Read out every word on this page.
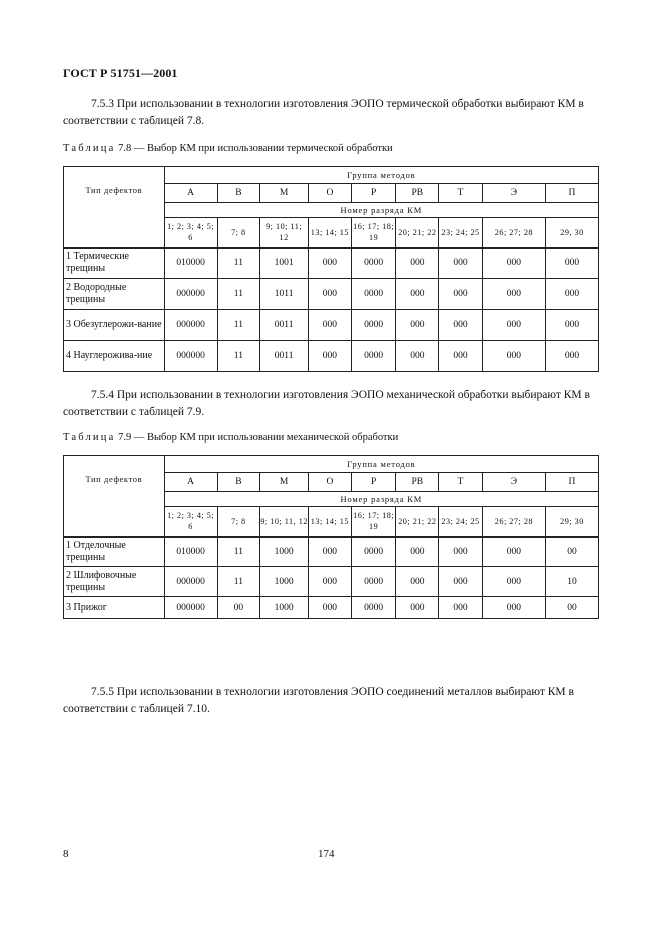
ГОСТ Р 51751—2001
7.5.3 При использовании в технологии изготовления ЭОПО термической обработки выбирают КМ в соответствии с таблицей 7.8.
Таблица 7.8 — Выбор КМ при использовании термической обработки
Тип дефектов	Группа методов								
	А	В	М	О	Р	РВ	Т	Э	П
	Номер разряда КМ								
	1; 2; 3; 4; 5; 6	7; 8	9; 10; 11; 12	13; 14; 15	16; 17; 18; 19	20; 21; 22	23; 24; 25	26; 27; 28	29, 30
1 Термические трещины	010000	11	1001	000	0000	000	000	000	000
2 Водородные трещины	000000	11	1011	000	0000	000	000	000	000
3 Обезуглерожи-вание	000000	11	0011	000	0000	000	000	000	000
4 Науглерожива-ние	000000	11	0011	000	0000	000	000	000	000
7.5.4 При использовании в технологии изготовления ЭОПО механической обработки выбирают КМ в соответствии с таблицей 7.9.
Таблица 7.9 — Выбор КМ при использовании механической обработки
Тип дефектов	Группа методов								
	А	В	М	О	Р	РВ	Т	Э	П
	Номер разряда КМ								
	1; 2; 3; 4; 5; 6	7; 8	9; 10; 11, 12	13; 14; 15	16; 17; 18; 19	20; 21; 22	23; 24; 25	26; 27; 28	29; 30
1 Отделочные трещины	010000	11	1000	000	0000	000	000	000	00
2 Шлифовочные трещины	000000	11	1000	000	0000	000	000	000	10
3 Прижог	000000	00	1000	000	0000	000	000	000	00
7.5.5 При использовании в технологии изготовления ЭОПО соединений металлов выбирают КМ в соответствии с таблицей 7.10.
8	174
